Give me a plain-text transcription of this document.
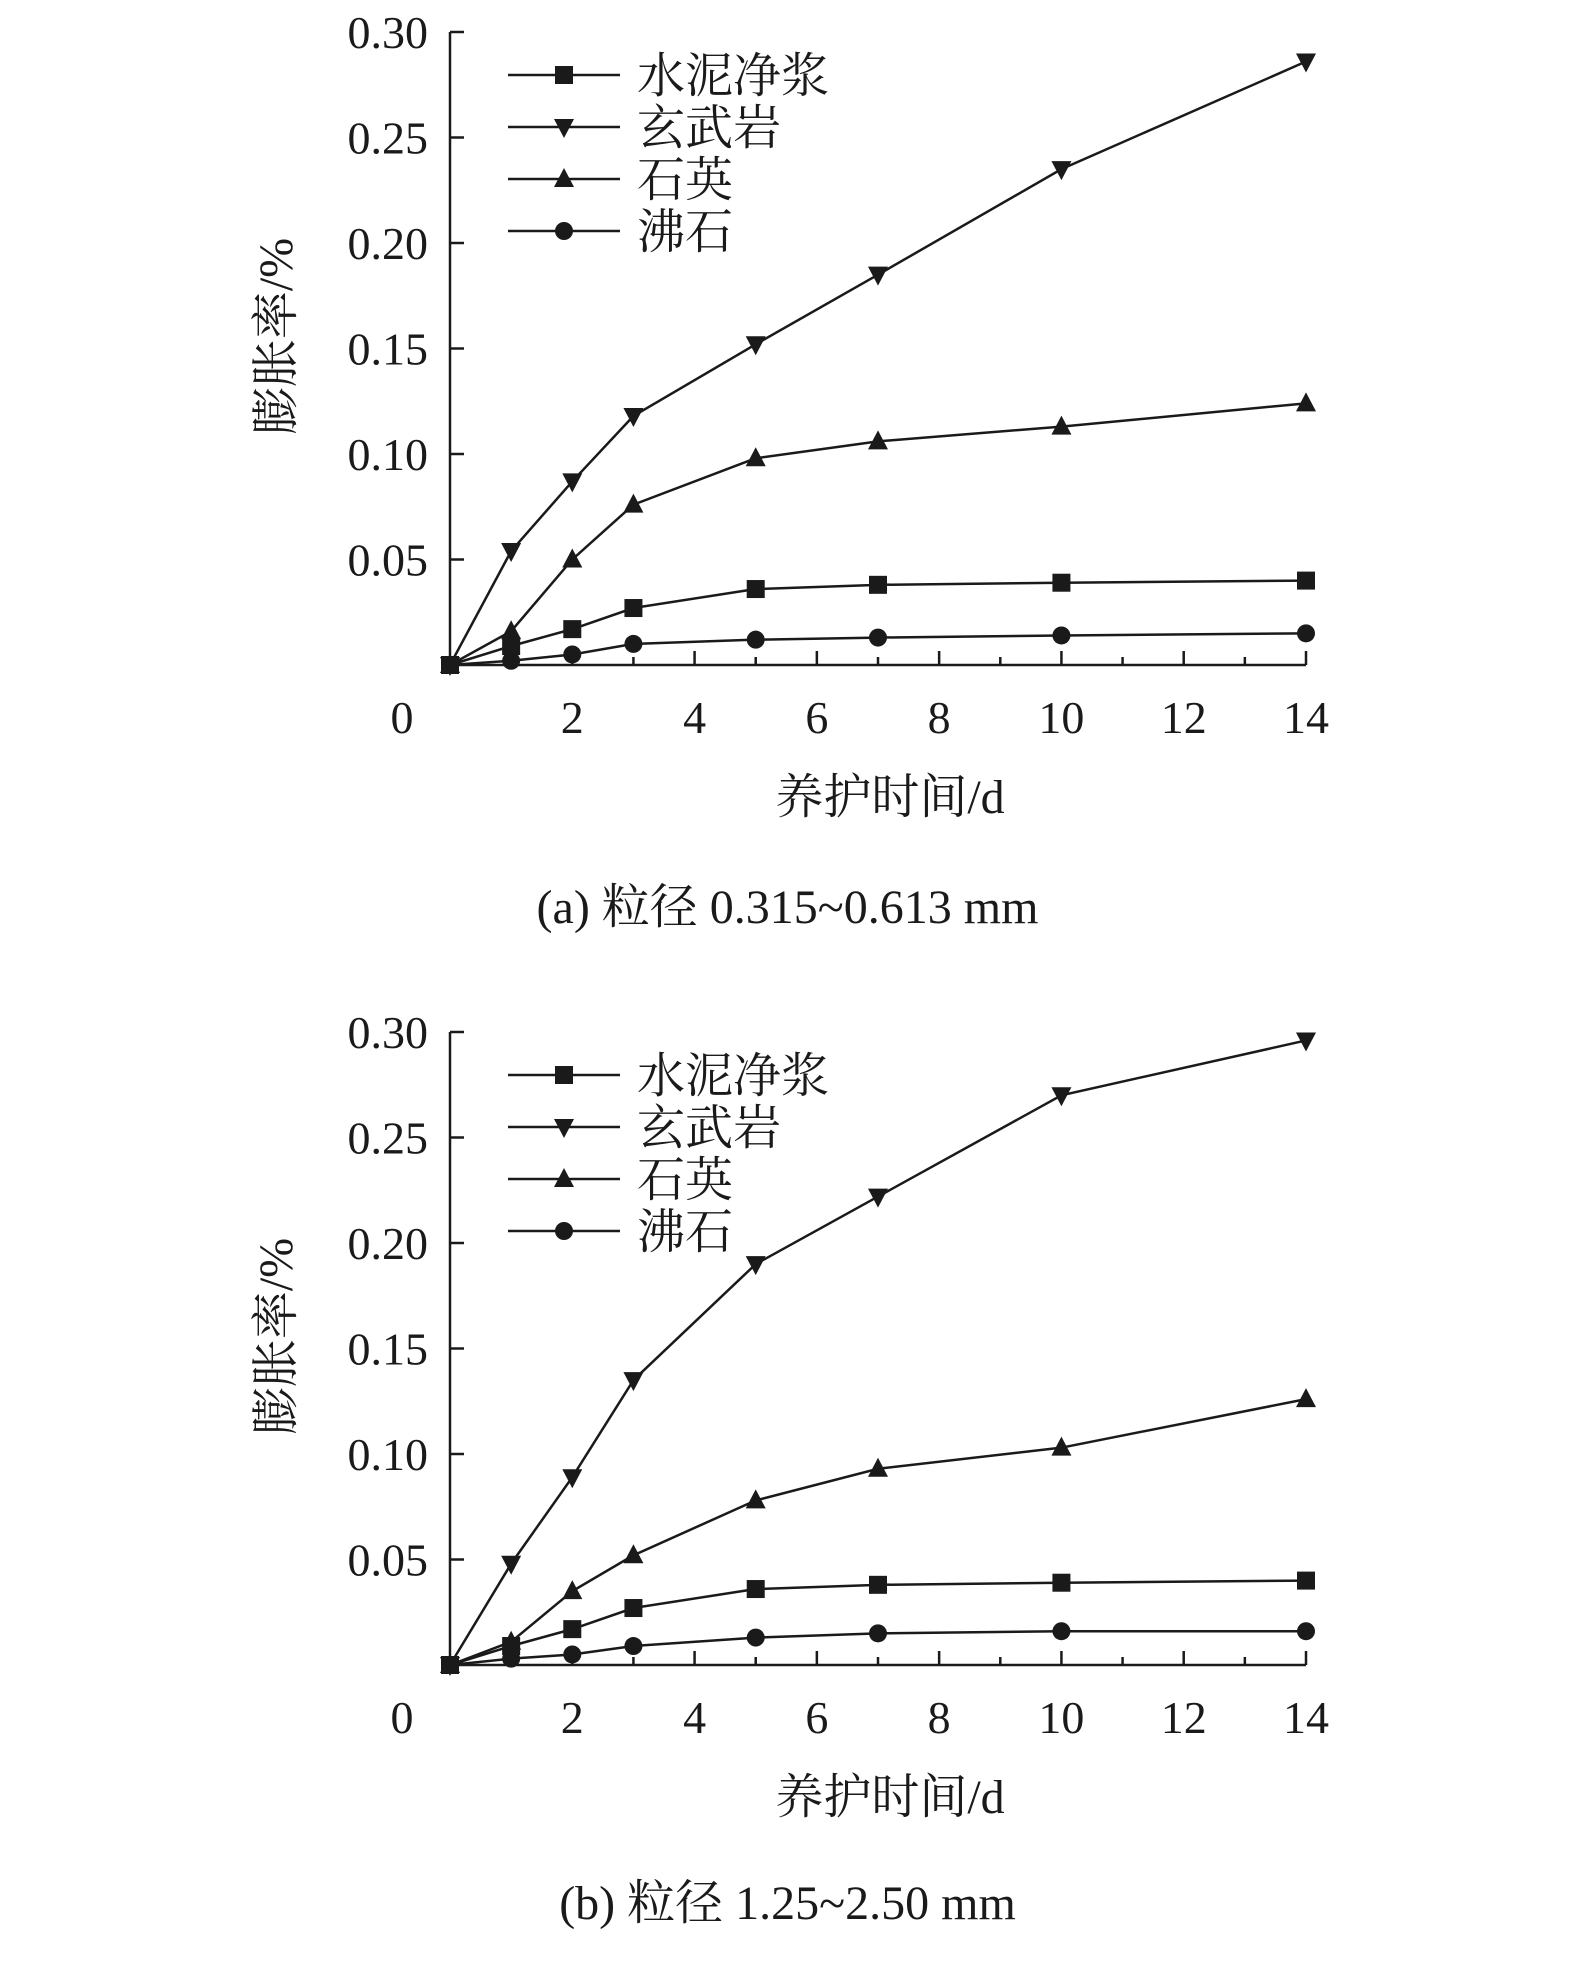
0.05
0.10
0.15
0.20
0.25
0.30
0	2 4 6 8 10 12 14
养护时间/d
膨胀率/%
水泥净浆
玄武岩
石英
沸石
(a) 粒径 0.315~0.613 mm
0.05
0.10
0.15
0.20
0.25
0.30
0	2 4 6 8 10 12 14
养护时间/d
膨胀率/%
水泥净浆
玄武岩
石英
沸石
(b) 粒径 1.25~2.50 mm
